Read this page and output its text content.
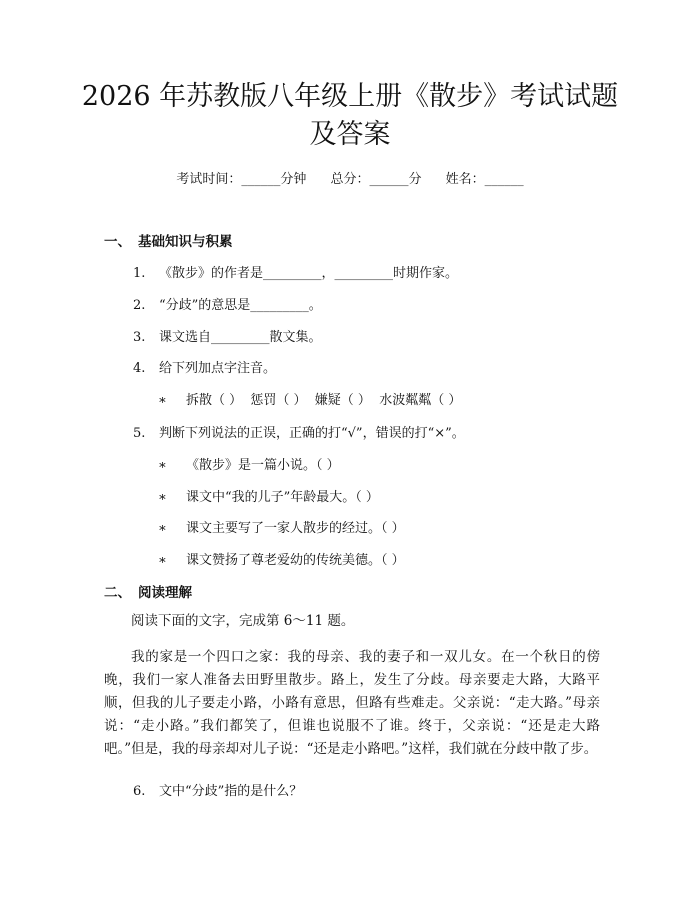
2026 年苏教版八年级上册《散步》考试试题
及答案
考试时间：______分钟 总分：______分 姓名：______
一、 基础知识与积累
1. 《散步》的作者是_________，_________时期作家。
2. “分歧”的意思是_________。
3. 课文选自_________散文集。
4. 给下列加点字注音。
∗ 拆散（ ）  惩罚（ ）  嫌疑（ ）  水波粼粼（ ）
5. 判断下列说法的正误，正确的打“√”，错误的打“×”。
∗ 《散步》是一篇小说。（ ）
∗ 课文中“我的儿子”年龄最大。（ ）
∗ 课文主要写了一家人散步的经过。（ ）
∗ 课文赞扬了尊老爱幼的传统美德。（ ）
二、 阅读理解

阅读下面的文字，完成第 6～11 题。

我的家是一个四口之家：我的母亲、我的妻子和一双儿女。在一个秋日的傍晚，我们一家人准备去田野里散步。路上，发生了分歧。母亲要走大路，大路平顺，但我的儿子要走小路，小路有意思，但路有些难走。父亲说：“走大路。”母亲说：“走小路。”我们都笑了，但谁也说服不了谁。终于，父亲说：“还是走大路吧。”但是，我的母亲却对儿子说：“还是走小路吧。”这样，我们就在分歧中散了步。

6. 文中“分歧”指的是什么？
